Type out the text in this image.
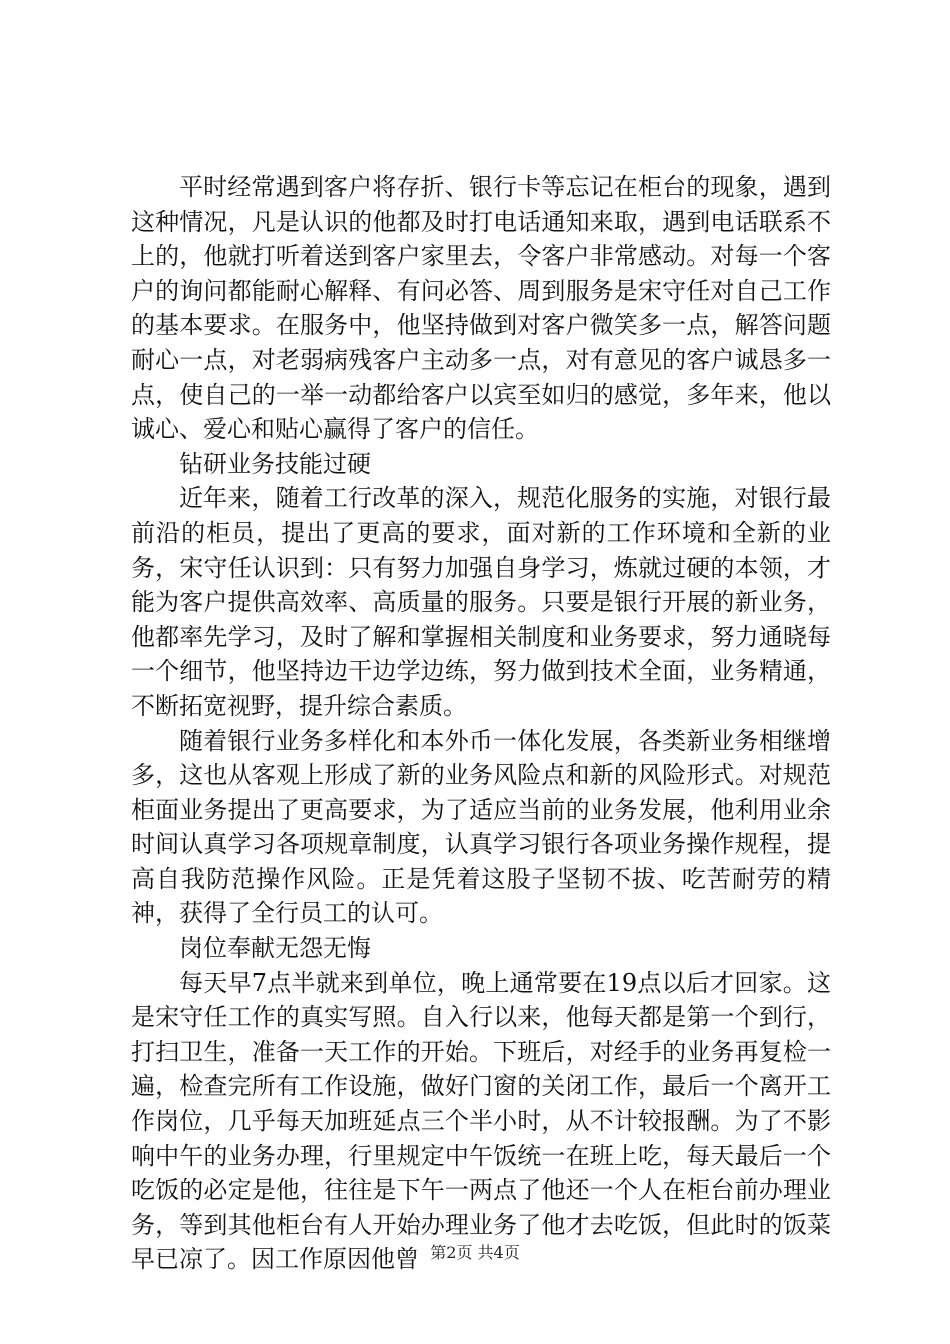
平时经常遇到客户将存折、银行卡等忘记在柜台的现象，遇到这种情况，凡是认识的他都及时打电话通知来取，遇到电话联系不上的，他就打听着送到客户家里去，令客户非常感动。对每一个客户的询问都能耐心解释、有问必答、周到服务是宋守任对自己工作的基本要求。在服务中，他坚持做到对客户微笑多一点，解答问题耐心一点，对老弱病残客户主动多一点，对有意见的客户诚恳多一点，使自己的一举一动都给客户以宾至如归的感觉，多年来，他以诚心、爱心和贴心赢得了客户的信任。

钻研业务技能过硬

近年来，随着工行改革的深入，规范化服务的实施，对银行最前沿的柜员，提出了更高的要求，面对新的工作环境和全新的业务，宋守任认识到：只有努力加强自身学习，炼就过硬的本领，才能为客户提供高效率、高质量的服务。只要是银行开展的新业务，他都率先学习，及时了解和掌握相关制度和业务要求，努力通晓每一个细节，他坚持边干边学边练，努力做到技术全面，业务精通，不断拓宽视野，提升综合素质。

随着银行业务多样化和本外币一体化发展，各类新业务相继增多，这也从客观上形成了新的业务风险点和新的风险形式。对规范柜面业务提出了更高要求，为了适应当前的业务发展，他利用业余时间认真学习各项规章制度，认真学习银行各项业务操作规程，提高自我防范操作风险。正是凭着这股子坚韧不拔、吃苦耐劳的精神，获得了全行员工的认可。

岗位奉献无怨无悔

每天早7点半就来到单位，晚上通常要在19点以后才回家。这是宋守任工作的真实写照。自入行以来，他每天都是第一个到行，打扫卫生，准备一天工作的开始。下班后，对经手的业务再复检一遍，检查完所有工作设施，做好门窗的关闭工作，最后一个离开工作岗位，几乎每天加班延点三个半小时，从不计较报酬。为了不影响中午的业务办理，行里规定中午饭统一在班上吃，每天最后一个吃饭的必定是他，往往是下午一两点了他还一个人在柜台前办理业务，等到其他柜台有人开始办理业务了他才去吃饭，但此时的饭菜早已凉了。因工作原因他曾 第2页 共4页
